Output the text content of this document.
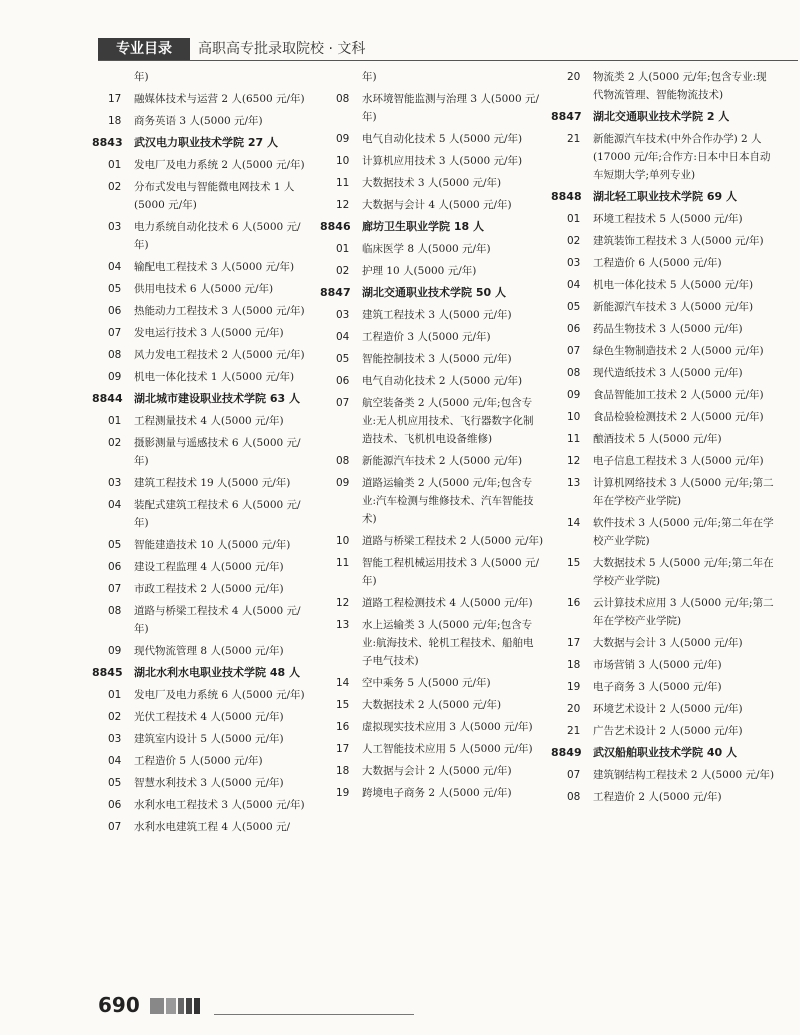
专业目录	高职高专批录取院校 · 文科
年)
17 融媒体技术与运营 2 人(6500 元/年)
18 商务英语 3 人(5000 元/年)
8843 武汉电力职业技术学院 27 人
01 发电厂及电力系统 2 人(5000 元/年)
02 分布式发电与智能微电网技术 1 人(5000 元/年)
03 电力系统自动化技术 6 人(5000 元/年)
04 输配电工程技术 3 人(5000 元/年)
05 供用电技术 6 人(5000 元/年)
06 热能动力工程技术 3 人(5000 元/年)
07 发电运行技术 3 人(5000 元/年)
08 风力发电工程技术 2 人(5000 元/年)
09 机电一体化技术 1 人(5000 元/年)
8844 湖北城市建设职业技术学院 63 人
01 工程测量技术 4 人(5000 元/年)
02 摄影测量与遥感技术 6 人(5000 元/年)
03 建筑工程技术 19 人(5000 元/年)
04 装配式建筑工程技术 6 人(5000 元/年)
05 智能建造技术 10 人(5000 元/年)
06 建设工程监理 4 人(5000 元/年)
07 市政工程技术 2 人(5000 元/年)
08 道路与桥梁工程技术 4 人(5000 元/年)
09 现代物流管理 8 人(5000 元/年)
8845 湖北水利水电职业技术学院 48 人
01 发电厂及电力系统 6 人(5000 元/年)
02 光伏工程技术 4 人(5000 元/年)
03 建筑室内设计 5 人(5000 元/年)
04 工程造价 5 人(5000 元/年)
05 智慧水利技术 3 人(5000 元/年)
06 水利水电工程技术 3 人(5000 元/年)
07 水利水电建筑工程 4 人(5000 元/
年)
08 水环境智能监测与治理 3 人(5000 元/年)
09 电气自动化技术 5 人(5000 元/年)
10 计算机应用技术 3 人(5000 元/年)
11 大数据技术 3 人(5000 元/年)
12 大数据与会计 4 人(5000 元/年)
8846 廊坊卫生职业学院 18 人
01 临床医学 8 人(5000 元/年)
02 护理 10 人(5000 元/年)
8847 湖北交通职业技术学院 50 人
03 建筑工程技术 3 人(5000 元/年)
04 工程造价 3 人(5000 元/年)
05 智能控制技术 3 人(5000 元/年)
06 电气自动化技术 2 人(5000 元/年)
07 航空装备类 2 人(5000 元/年;包含专业:无人机应用技术、飞行器数字化制造技术、飞机机电设备维修)
08 新能源汽车技术 2 人(5000 元/年)
09 道路运输类 2 人(5000 元/年;包含专业:汽车检测与维修技术、汽车智能技术)
10 道路与桥梁工程技术 2 人(5000 元/年)
11 智能工程机械运用技术 3 人(5000 元/年)
12 道路工程检测技术 4 人(5000 元/年)
13 水上运输类 3 人(5000 元/年;包含专业:航海技术、轮机工程技术、船舶电子电气技术)
14 空中乘务 5 人(5000 元/年)
15 大数据技术 2 人(5000 元/年)
16 虚拟现实技术应用 3 人(5000 元/年)
17 人工智能技术应用 5 人(5000 元/年)
18 大数据与会计 2 人(5000 元/年)
19 跨境电子商务 2 人(5000 元/年)
20 物流类 2 人(5000 元/年;包含专业:现代物流管理、智能物流技术)
8847 湖北交通职业技术学院 2 人
21 新能源汽车技术(中外合作办学) 2 人(17000 元/年;合作方:日本中日本自动车短期大学;单列专业)
8848 湖北轻工职业技术学院 69 人
01 环境工程技术 5 人(5000 元/年)
02 建筑装饰工程技术 3 人(5000 元/年)
03 工程造价 6 人(5000 元/年)
04 机电一体化技术 5 人(5000 元/年)
05 新能源汽车技术 3 人(5000 元/年)
06 药品生物技术 3 人(5000 元/年)
07 绿色生物制造技术 2 人(5000 元/年)
08 现代造纸技术 3 人(5000 元/年)
09 食品智能加工技术 2 人(5000 元/年)
10 食品检验检测技术 2 人(5000 元/年)
11 酿酒技术 5 人(5000 元/年)
12 电子信息工程技术 3 人(5000 元/年)
13 计算机网络技术 3 人(5000 元/年;第二年在学校产业学院)
14 软件技术 3 人(5000 元/年;第二年在学校产业学院)
15 大数据技术 5 人(5000 元/年;第二年在学校产业学院)
16 云计算技术应用 3 人(5000 元/年;第二年在学校产业学院)
17 大数据与会计 3 人(5000 元/年)
18 市场营销 3 人(5000 元/年)
19 电子商务 3 人(5000 元/年)
20 环境艺术设计 2 人(5000 元/年)
21 广告艺术设计 2 人(5000 元/年)
8849 武汉船舶职业技术学院 40 人
07 建筑钢结构工程技术 2 人(5000 元/年)
08 工程造价 2 人(5000 元/年)
690
